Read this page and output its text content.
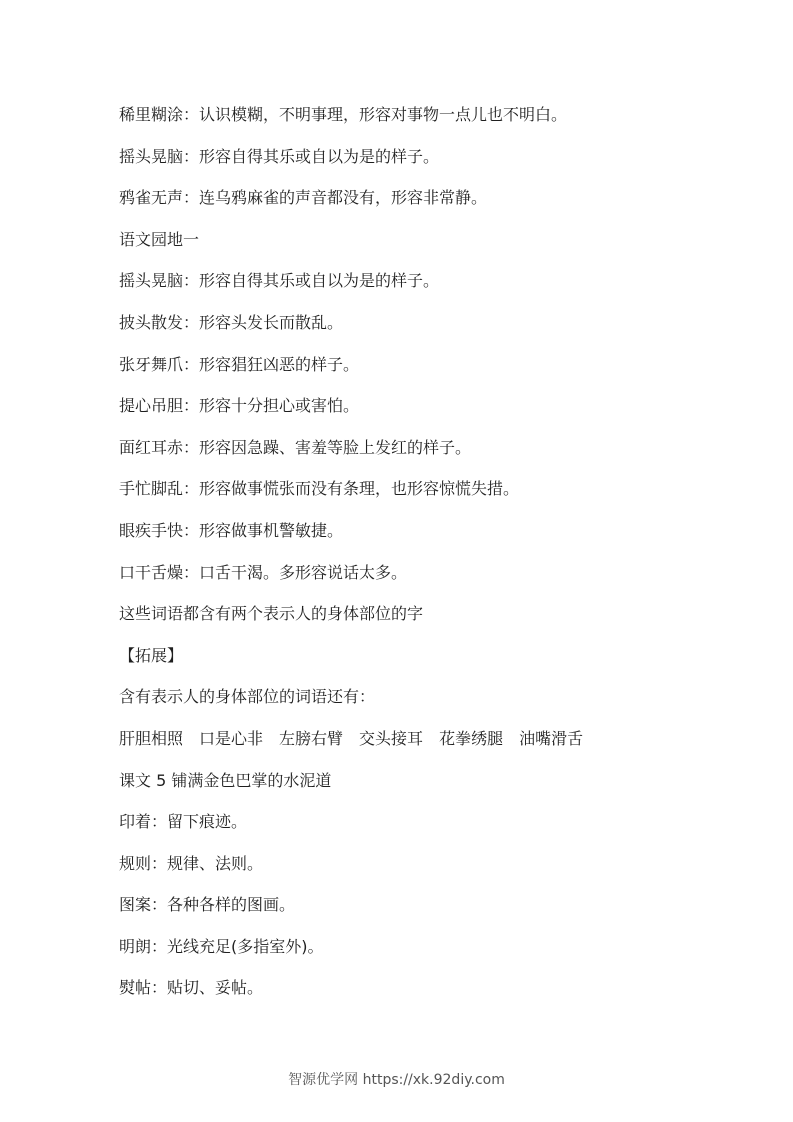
稀里糊涂：认识模糊，不明事理，形容对事物一点儿也不明白。
摇头晃脑：形容自得其乐或自以为是的样子。
鸦雀无声：连乌鸦麻雀的声音都没有，形容非常静。
语文园地一
摇头晃脑：形容自得其乐或自以为是的样子。
披头散发：形容头发长而散乱。
张牙舞爪：形容猖狂凶恶的样子。
提心吊胆：形容十分担心或害怕。
面红耳赤：形容因急躁、害羞等脸上发红的样子。
手忙脚乱：形容做事慌张而没有条理，也形容惊慌失措。
眼疾手快：形容做事机警敏捷。
口干舌燥：口舌干渴。多形容说话太多。
这些词语都含有两个表示人的身体部位的字
【拓展】
含有表示人的身体部位的词语还有：
肝胆相照 口是心非 左膀右臂 交头接耳 花拳绣腿 油嘴滑舌
课文 5 铺满金色巴掌的水泥道
印着：留下痕迹。
规则：规律、法则。
图案：各种各样的图画。
明朗：光线充足(多指室外)。
熨帖：贴切、妥帖。
智源优学网 https://xk.92diy.com
